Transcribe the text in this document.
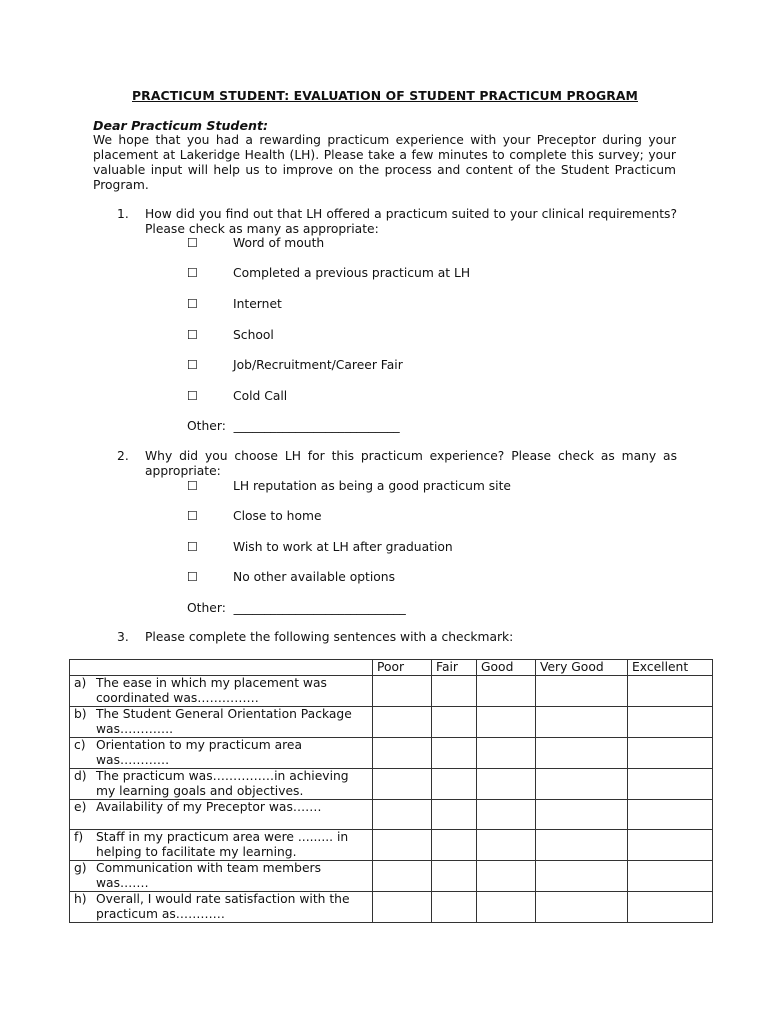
PRACTICUM STUDENT: EVALUATION OF STUDENT PRACTICUM PROGRAM
Dear Practicum Student:
We hope that you had a rewarding practicum experience with your Preceptor during your placement at Lakeridge Health (LH). Please take a few minutes to complete this survey; your valuable input will help us to improve on the process and content of the Student Practicum Program.
1. How did you find out that LH offered a practicum suited to your clinical requirements? Please check as many as appropriate:
☐	Word of mouth
☐	Completed a previous practicum at LH
☐	Internet
☐	School
☐	Job/Recruitment/Career Fair
☐	Cold Call
Other:  ___________________________
2. Why did you choose LH for this practicum experience? Please check as many as appropriate:
☐	LH reputation as being a good practicum site
☐	Close to home
☐	Wish to work at LH after graduation
☐	No other available options
Other:  ____________________________
3. Please complete the following sentences with a checkmark:
	Poor	Fair	Good	Very Good	Excellent
a) The ease in which my placement was coordinated was……………					
b) The Student General Orientation Package was………….					
c) Orientation to my practicum area was…………					
d) The practicum was……………in achieving my learning goals and objectives.					
e) Availability of my Preceptor was…….					
f) Staff in my practicum area were ......... in helping to facilitate my learning.					
g) Communication with team members was…….					
h) Overall, I would rate satisfaction with the practicum as…………					
